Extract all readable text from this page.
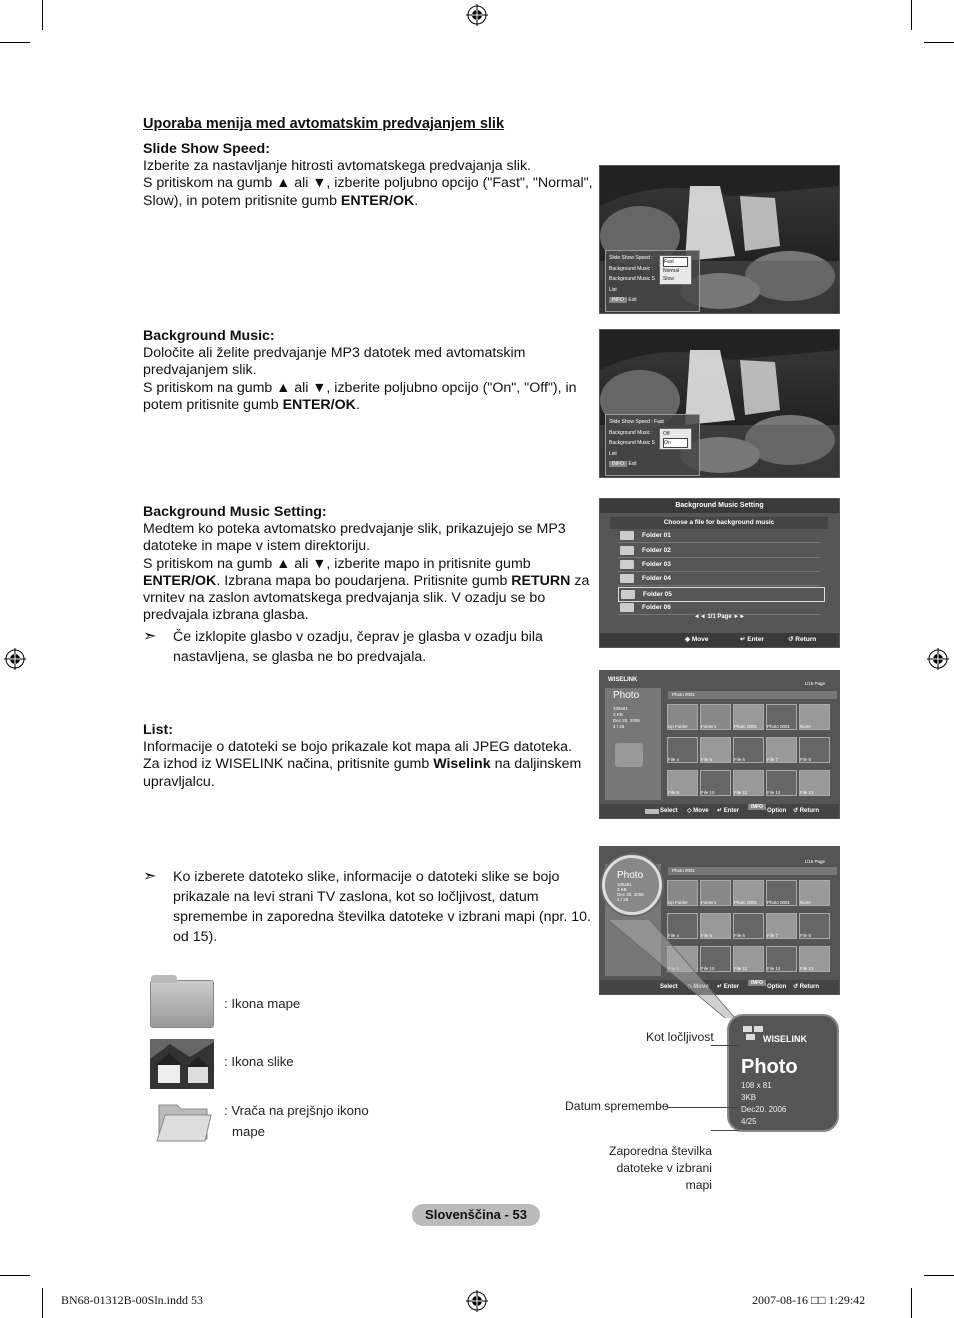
Uporaba menija med avtomatskim predvajanjem slik
Slide Show Speed:
Izberite za nastavljanje hitrosti avtomatskega predvajanja slik.
S pritiskom na gumb ▲ ali ▼, izberite poljubno opcijo ("Fast", "Normal", Slow), in potem pritisnite gumb ENTER/OK.
Slide Show Speed :
Background Music :
Background Music S
List
INFO Exit
Fast
Normal
Slow
Background Music:
Določite ali želite predvajanje MP3 datotek med avtomatskim predvajanjem slik.
S pritiskom na gumb ▲ ali ▼, izberite poljubno opcijo ("On", "Off"), in potem pritisnite gumb ENTER/OK.
Slide Show Speed : Fast
Background Music :
Background Music S
List
INFO Exit
Off
On
Background Music Setting:
Medtem ko poteka avtomatsko predvajanje slik, prikazujejo se MP3 datoteke in mape v istem direktoriju.
S pritiskom na gumb ▲ ali ▼, izberite mapo in pritisnite gumb ENTER/OK. Izbrana mapa bo poudarjena. Pritisnite gumb RETURN za vrnitev na zaslon avtomatskega predvajanja slik. V ozadju se bo predvajala izbrana glasba.
➣ Če izklopite glasbo v ozadju, čeprav je glasba v ozadju bila nastavljena, se glasba ne bo predvajala.
Background Music Setting
Choose a file for background music
Folder 01
Folder 02
Folder 03
Folder 04
Folder 05
Folder 06
◄◄ 1/1 Page ►►
◆ Move	↵ Enter	↺ Return
List:
Informacije o datoteki se bojo prikazale kot mapa ali JPEG datoteka.
Za izhod iz WISELINK načina, pritisnite gumb Wiselink na daljinskem upravljalcu.
WISELINK
1/16 Page
Photo
108x81
3 KB
Dec 20, 2006
4 / 25
Photo 0001
Select ◇ Move ↵ Enter
INFO
Option ↺ Return
Up Folder	Folder1	Photo 0001 Photo 0001 None
File 4	File 5	File 6	File 7	File 8
File 9	File 10	File 11	File 12	File 13
➣ Ko izberete datoteko slike, informacije o datoteki slike se bojo prikazale na levi strani TV zaslona, kot so ločljivost, datum spremembe in zaporedna številka datoteke v izbrani mapi (npr. 10. od 15).
1/16 Page
Photo 0001
Photo
108x81
3 KB
Dec 20, 2006
4 / 25
Select	↵ Enter
INFO
Option ↺ Return
Up Folder	Folder1	Photo 0001 Photo 0001 None
File 4	File 5	File 6	File 7	File 8
File 10	File 11	File 12	File 13
WISELINK
Photo
108 x 81
3KB
Dec20. 2006
4/25
Kot ločljivost
Datum spremembe
Zaporedna številka
datoteke v izbrani
mapi
: Ikona mape
: Ikona slike
: Vrača na prejšnjo ikono
mape
Slovenščina - 53
BN68-01312B-00Sln.indd 53	2007-08-16 □□ 1:29:42
